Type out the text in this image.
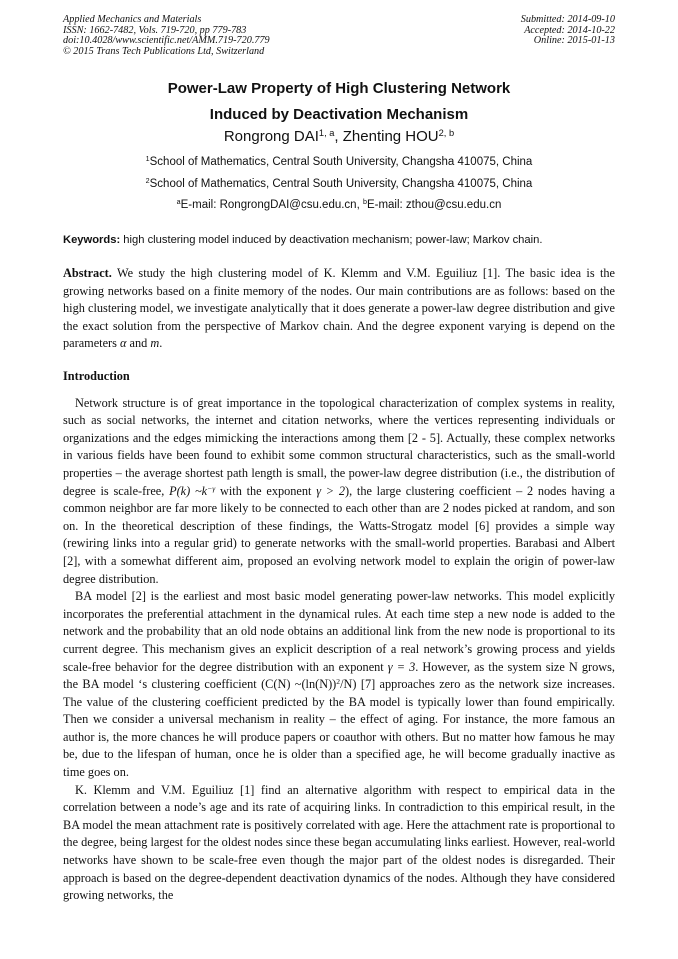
Applied Mechanics and Materials
ISSN: 1662-7482, Vols. 719-720, pp 779-783
doi:10.4028/www.scientific.net/AMM.719-720.779
© 2015 Trans Tech Publications Ltd, Switzerland
Submitted: 2014-09-10
Accepted: 2014-10-22
Online: 2015-01-13
Power-Law Property of High Clustering Network
Induced by Deactivation Mechanism
Rongrong DAI$^{1, a}$, Zhenting HOU$^{2, b}$
$^1$School of Mathematics, Central South University, Changsha 410075, China
$^2$School of Mathematics, Central South University, Changsha 410075, China
$^a$E-mail: RongrongDAI@csu.edu.cn, $^b$E-mail: zthou@csu.edu.cn
Keywords: high clustering model induced by deactivation mechanism; power-law; Markov chain.

Abstract. We study the high clustering model of K. Klemm and V.M. Eguiliuz [1]. The basic idea is the growing networks based on a finite memory of the nodes. Our main contributions are as follows: based on the high clustering model, we investigate analytically that it does generate a power-law degree distribution and give the exact solution from the perspective of Markov chain. And the degree exponent varying is depend on the parameters α and m.

Introduction

Network structure is of great importance in the topological characterization of complex systems in reality, such as social networks, the internet and citation networks, where the vertices representing individuals or organizations and the edges mimicking the interactions among them [2 - 5]. Actually, these complex networks in various fields have been found to exhibit some common structural characteristics, such as the small-world properties – the average shortest path length is small, the power-law degree distribution (i.e., the distribution of degree is scale-free, P(k) $\sim k^{-\gamma}$ with the exponent γ > 2), the large clustering coefficient – 2 nodes having a common neighbor are far more likely to be connected to each other than are 2 nodes picked at random, and son on. In the theoretical description of these findings, the Watts-Strogatz model [6] provides a simple way (rewiring links into a regular grid) to generate networks with the small-world properties. Barabasi and Albert [2], with a somewhat different aim, proposed an evolving network model to explain the origin of power-law degree distribution.

BA model [2] is the earliest and most basic model generating power-law networks. This model explicitly incorporates the preferential attachment in the dynamical rules. At each time step a new node is added to the network and the probability that an old node obtains an additional link from the new node is proportional to its current degree. This mechanism gives an explicit description of a real network’s growing process and yields scale-free behavior for the degree distribution with an exponent γ = 3. However, as the system size N grows, the BA model ‘s clustering coefficient (C(N) $\sim(\ln(N))^2/N$) [7] approaches zero as the network size increases. The value of the clustering coefficient predicted by the BA model is typically lower than found empirically. Then we consider a universal mechanism in reality – the effect of aging. For instance, the more famous an author is, the more chances he will produce papers or coauthor with others. But no matter how famous he may be, due to the lifespan of human, once he is older than a specified age, he will become gradually inactive as time goes on.

K. Klemm and V.M. Eguiliuz [1] find an alternative algorithm with respect to empirical data in the correlation between a node’s age and its rate of acquiring links. In contradiction to this empirical result, in the BA model the mean attachment rate is positively correlated with age. Here the attachment rate is proportional to the degree, being largest for the oldest nodes since these began accumulating links earliest. However, real-world networks have shown to be scale-free even though the major part of the oldest nodes is disregarded. Their approach is based on the degree-dependent deactivation dynamics of the nodes. Although they have considered growing networks, the
